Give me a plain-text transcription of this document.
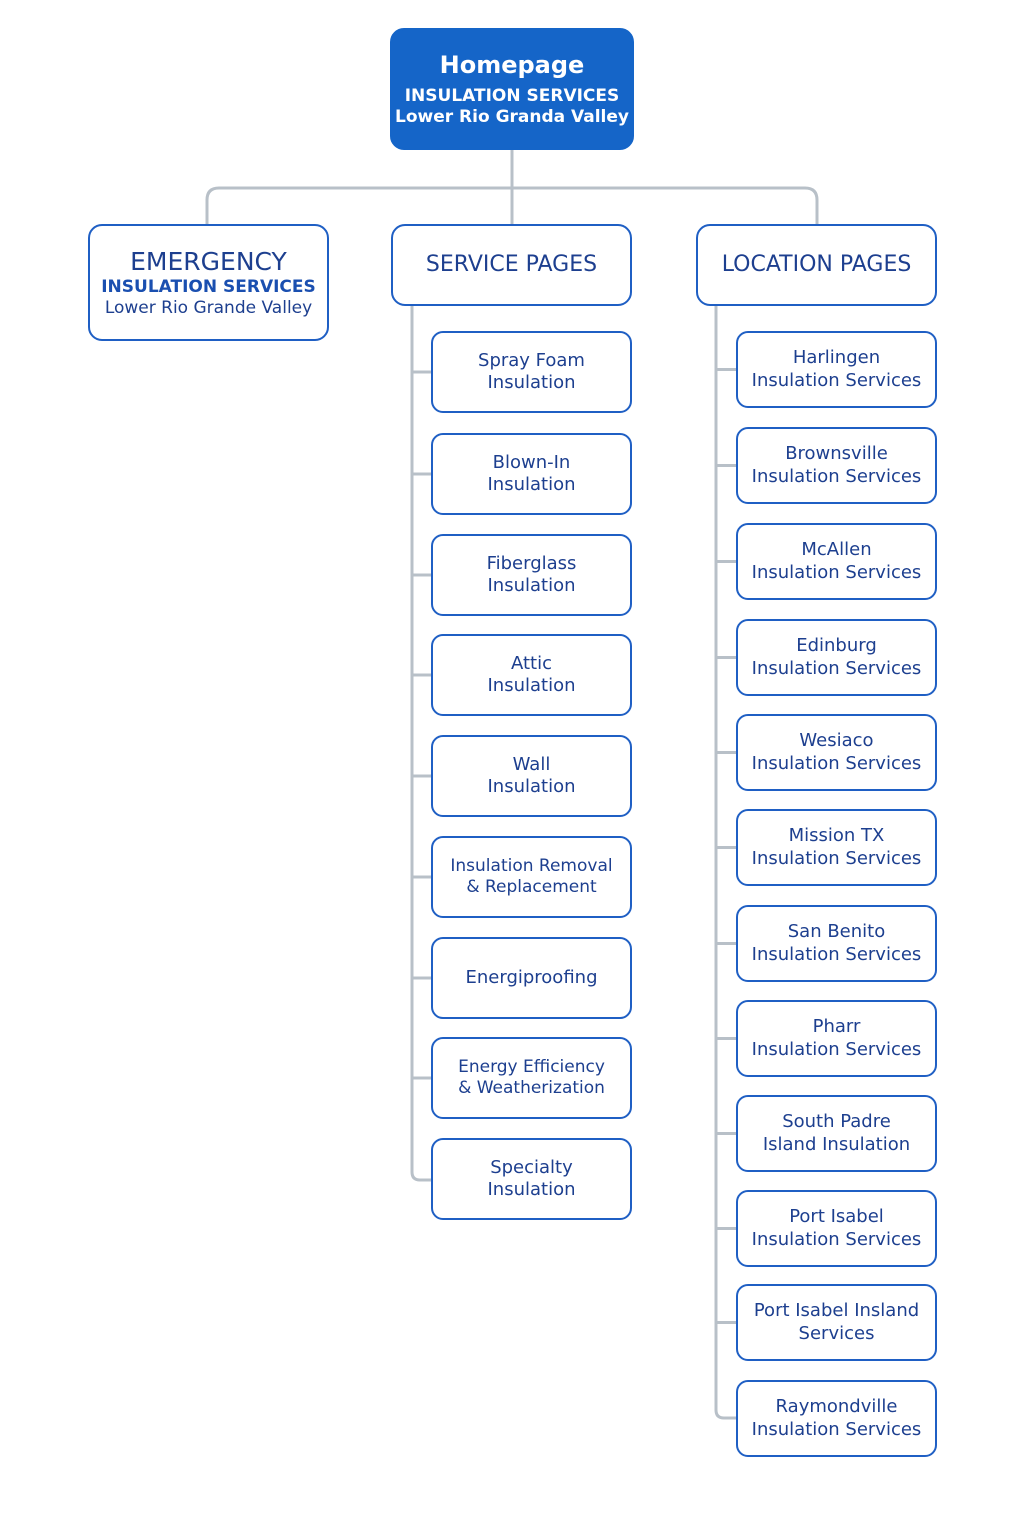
Homepage
INSULATION SERVICES
Lower Rio Granda Valley
EMERGENCY
INSULATION SERVICES
Lower Rio Grande Valley
SERVICE PAGES	LOCATION PAGES
Spray Foam
Insulation
Blown-In
Insulation
Fiberglass
Insulation
Attic
Insulation
Wall
Insulation
Insulation Removal
& Replacement
Energiproofing
Energy Efficiency
& Weatherization
Specialty
Insulation
Harlingen
Insulation Services
Brownsville
Insulation Services
McAllen
Insulation Services
Edinburg
Insulation Services
Wesiaco
Insulation Services
Mission TX
Insulation Services
San Benito
Insulation Services
Pharr
Insulation Services
South Padre
Island Insulation
Port Isabel
Insulation Services
Port Isabel Insland
Services
Raymondville
Insulation Services
